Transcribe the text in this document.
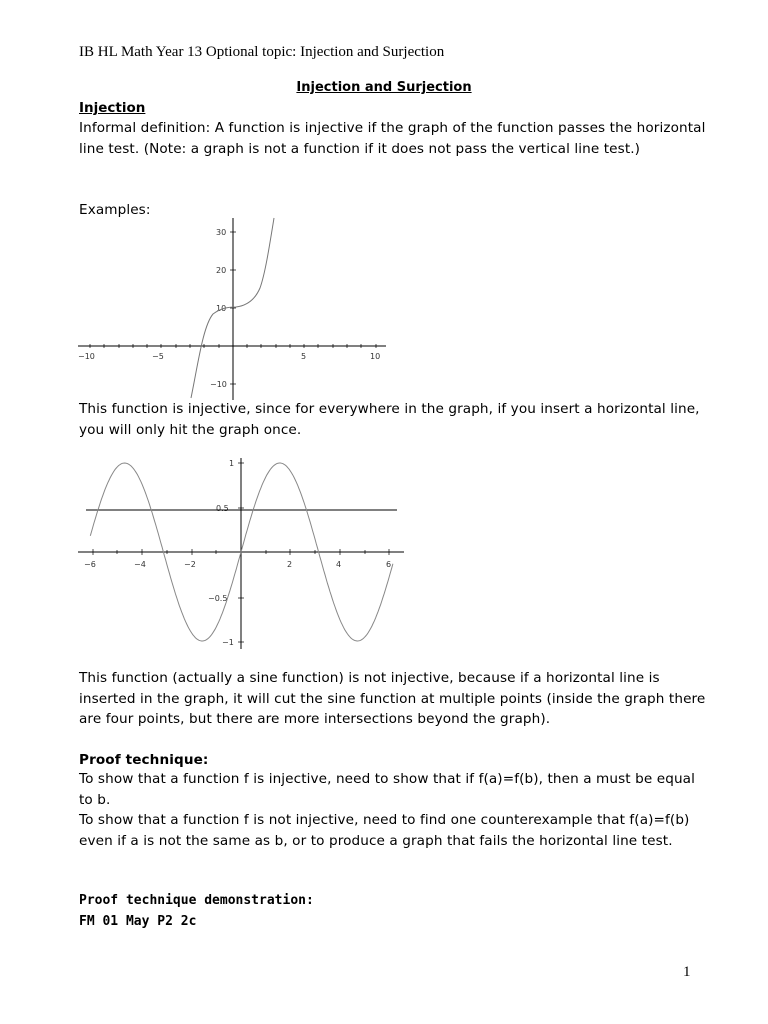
IB HL Math Year 13 Optional topic: Injection and Surjection
Injection and Surjection
Injection
Informal definition: A function is injective if the graph of the function passes the horizontal line test. (Note: a graph is not a function if it does not pass the vertical line test.)
Examples:
−10	−5	5	10
30
20
10
−10
This function is injective, since for everywhere in the graph, if you insert a horizontal line, you will only hit the graph once.
−6	−4	−2	2	4	6
1
0.5
−0.5
−1
This function (actually a sine function) is not injective, because if a horizontal line is inserted in the graph, it will cut the sine function at multiple points (inside the graph there are four points, but there are more intersections beyond the graph).
Proof technique:
To show that a function f is injective, need to show that if f(a)=f(b), then a must be equal to b.
To show that a function f is not injective, need to find one counterexample that f(a)=f(b) even if a is not the same as b, or to produce a graph that fails the horizontal line test.
Proof technique demonstration:
FM 01 May P2 2c
1
